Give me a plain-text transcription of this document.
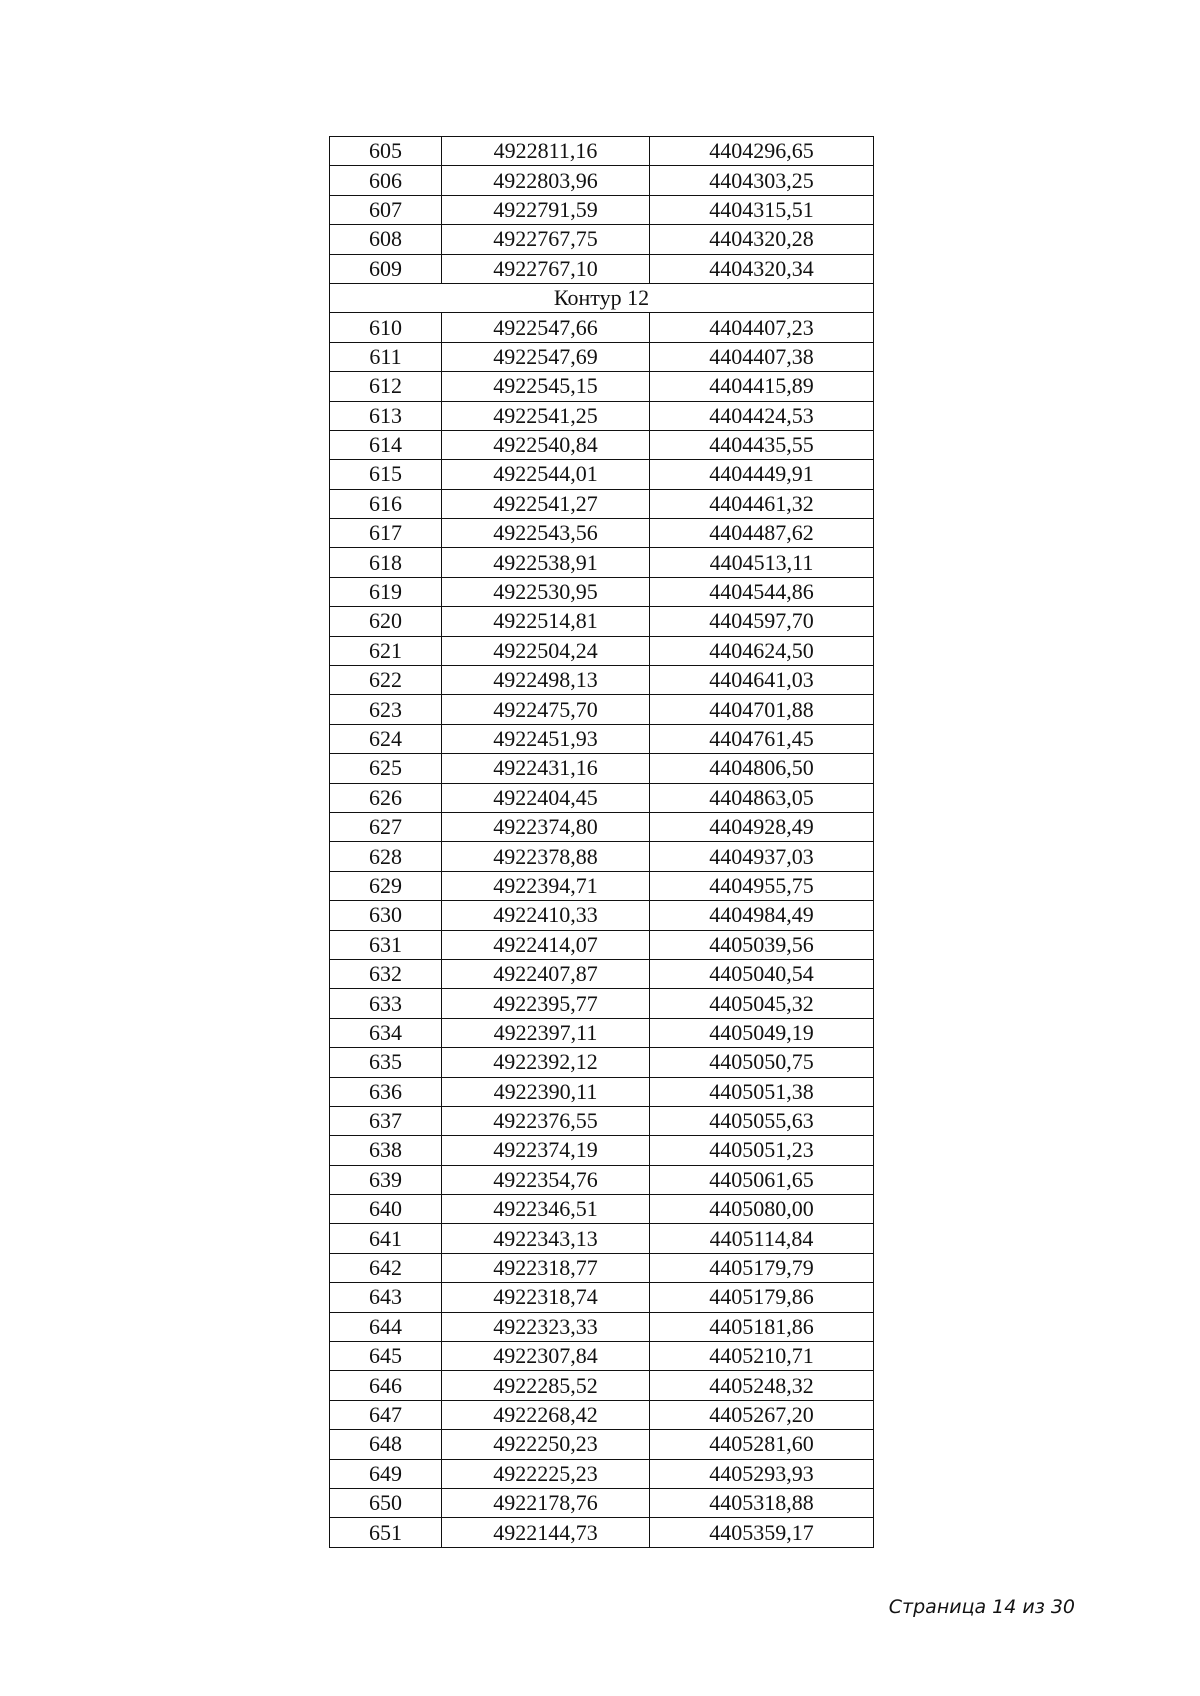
605	4922811,16	4404296,65
606	4922803,96	4404303,25
607	4922791,59	4404315,51
608	4922767,75	4404320,28
609	4922767,10	4404320,34
Контур 12		
610	4922547,66	4404407,23
611	4922547,69	4404407,38
612	4922545,15	4404415,89
613	4922541,25	4404424,53
614	4922540,84	4404435,55
615	4922544,01	4404449,91
616	4922541,27	4404461,32
617	4922543,56	4404487,62
618	4922538,91	4404513,11
619	4922530,95	4404544,86
620	4922514,81	4404597,70
621	4922504,24	4404624,50
622	4922498,13	4404641,03
623	4922475,70	4404701,88
624	4922451,93	4404761,45
625	4922431,16	4404806,50
626	4922404,45	4404863,05
627	4922374,80	4404928,49
628	4922378,88	4404937,03
629	4922394,71	4404955,75
630	4922410,33	4404984,49
631	4922414,07	4405039,56
632	4922407,87	4405040,54
633	4922395,77	4405045,32
634	4922397,11	4405049,19
635	4922392,12	4405050,75
636	4922390,11	4405051,38
637	4922376,55	4405055,63
638	4922374,19	4405051,23
639	4922354,76	4405061,65
640	4922346,51	4405080,00
641	4922343,13	4405114,84
642	4922318,77	4405179,79
643	4922318,74	4405179,86
644	4922323,33	4405181,86
645	4922307,84	4405210,71
646	4922285,52	4405248,32
647	4922268,42	4405267,20
648	4922250,23	4405281,60
649	4922225,23	4405293,93
650	4922178,76	4405318,88
651	4922144,73	4405359,17
Страница 14 из 30
